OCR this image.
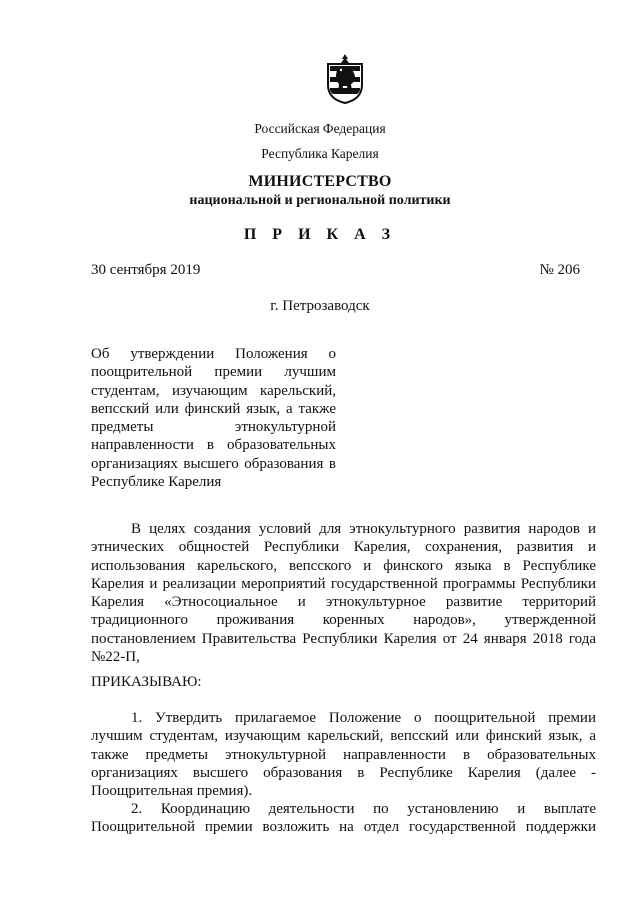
Российская Федерация
Республика Карелия
МИНИСТЕРСТВО
национальной и региональной политики
П Р И К А З
30 сентября 2019	№ 206
г. Петрозаводск
Об утверждении Положения о
поощрительной премии лучшим
студентам, изучающим карельский,
вепсский или финский язык, а также
предметы этнокультурной
направленности в образовательных
организациях высшего образования в
Республике Карелия
В целях создания условий для этнокультурного развития народов и
этнических общностей Республики Карелия, сохранения, развития и
использования карельского, вепсского и финского языка в Республике
Карелия и реализации мероприятий государственной программы Республики
Карелия «Этносоциальное и этнокультурное развитие территорий
традиционного проживания коренных народов», утвержденной
постановлением Правительства Республики Карелия от 24 января 2018 года
№22-П,
ПРИКАЗЫВАЮ:
1. Утвердить прилагаемое Положение о поощрительной премии
лучшим студентам, изучающим карельский, вепсский или финский язык, а
также предметы этнокультурной направленности в образовательных
организациях высшего образования в Республике Карелия (далее -
Поощрительная премия).
2. Координацию деятельности по установлению и выплате
Поощрительной премии возложить на отдел государственной поддержки
